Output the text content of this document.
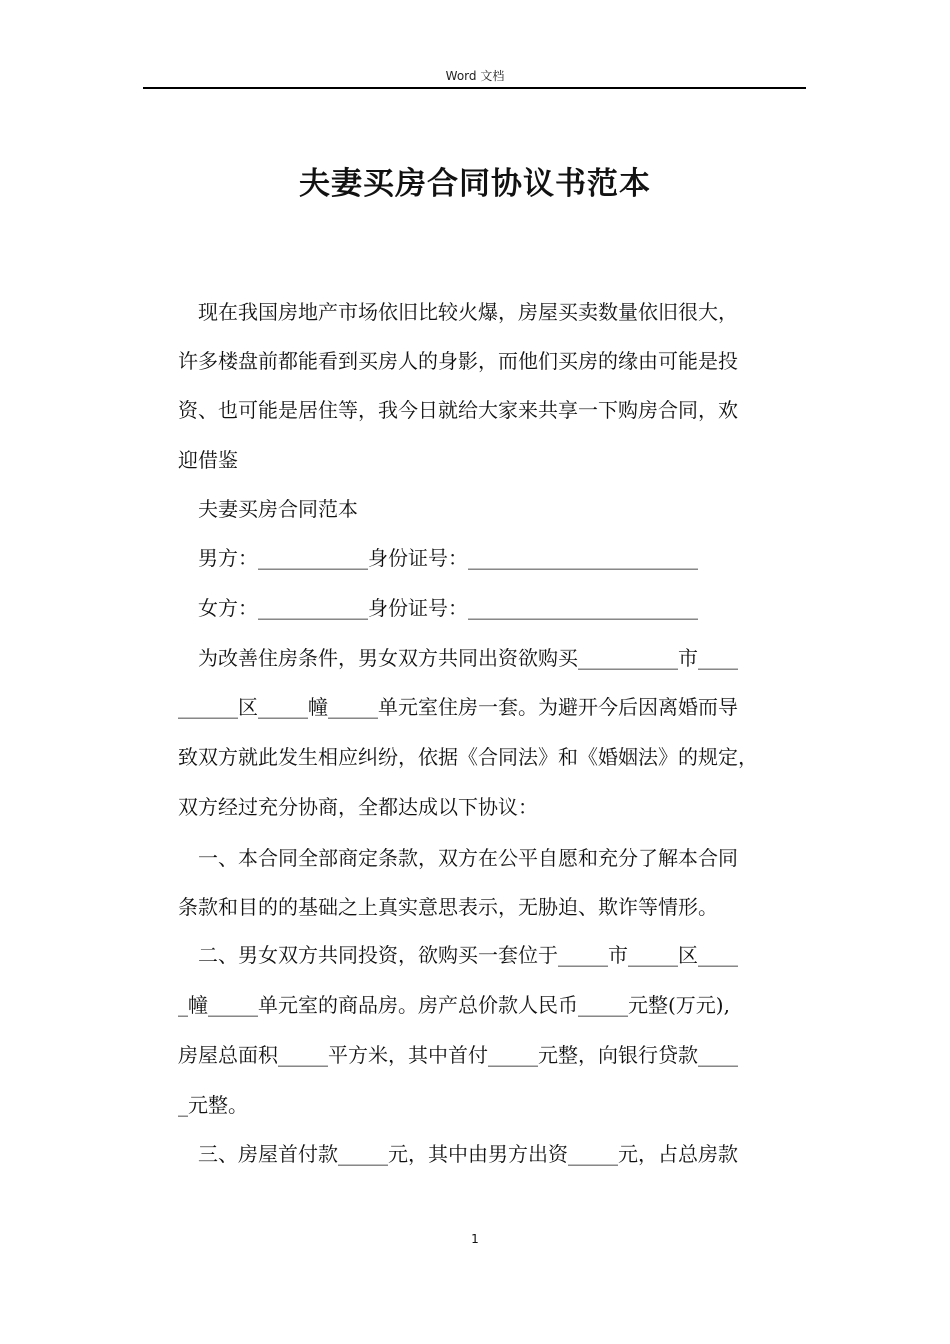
Word 文档
夫妻买房合同协议书范本
现在我国房地产市场依旧比较火爆，房屋买卖数量依旧很大，
许多楼盘前都能看到买房人的身影，而他们买房的缘由可能是投
资、也可能是居住等，我今日就给大家来共享一下购房合同，欢
迎借鉴
夫妻买房合同范本
男方：___________身份证号：_______________________
女方：___________身份证号：_______________________
为改善住房条件，男女双方共同出资欲购买__________市____
______区_____幢_____单元室住房一套。为避开今后因离婚而导
致双方就此发生相应纠纷，依据《合同法》和《婚姻法》的规定，
双方经过充分协商，全都达成以下协议：
一、本合同全部商定条款，双方在公平自愿和充分了解本合同
条款和目的的基础之上真实意思表示，无胁迫、欺诈等情形。
二、男女双方共同投资，欲购买一套位于_____市_____区____
_幢_____单元室的商品房。房产总价款人民币_____元整(万元),
房屋总面积_____平方米，其中首付_____元整，向银行贷款____
_元整。
三、房屋首付款_____元，其中由男方出资_____元，占总房款
1
